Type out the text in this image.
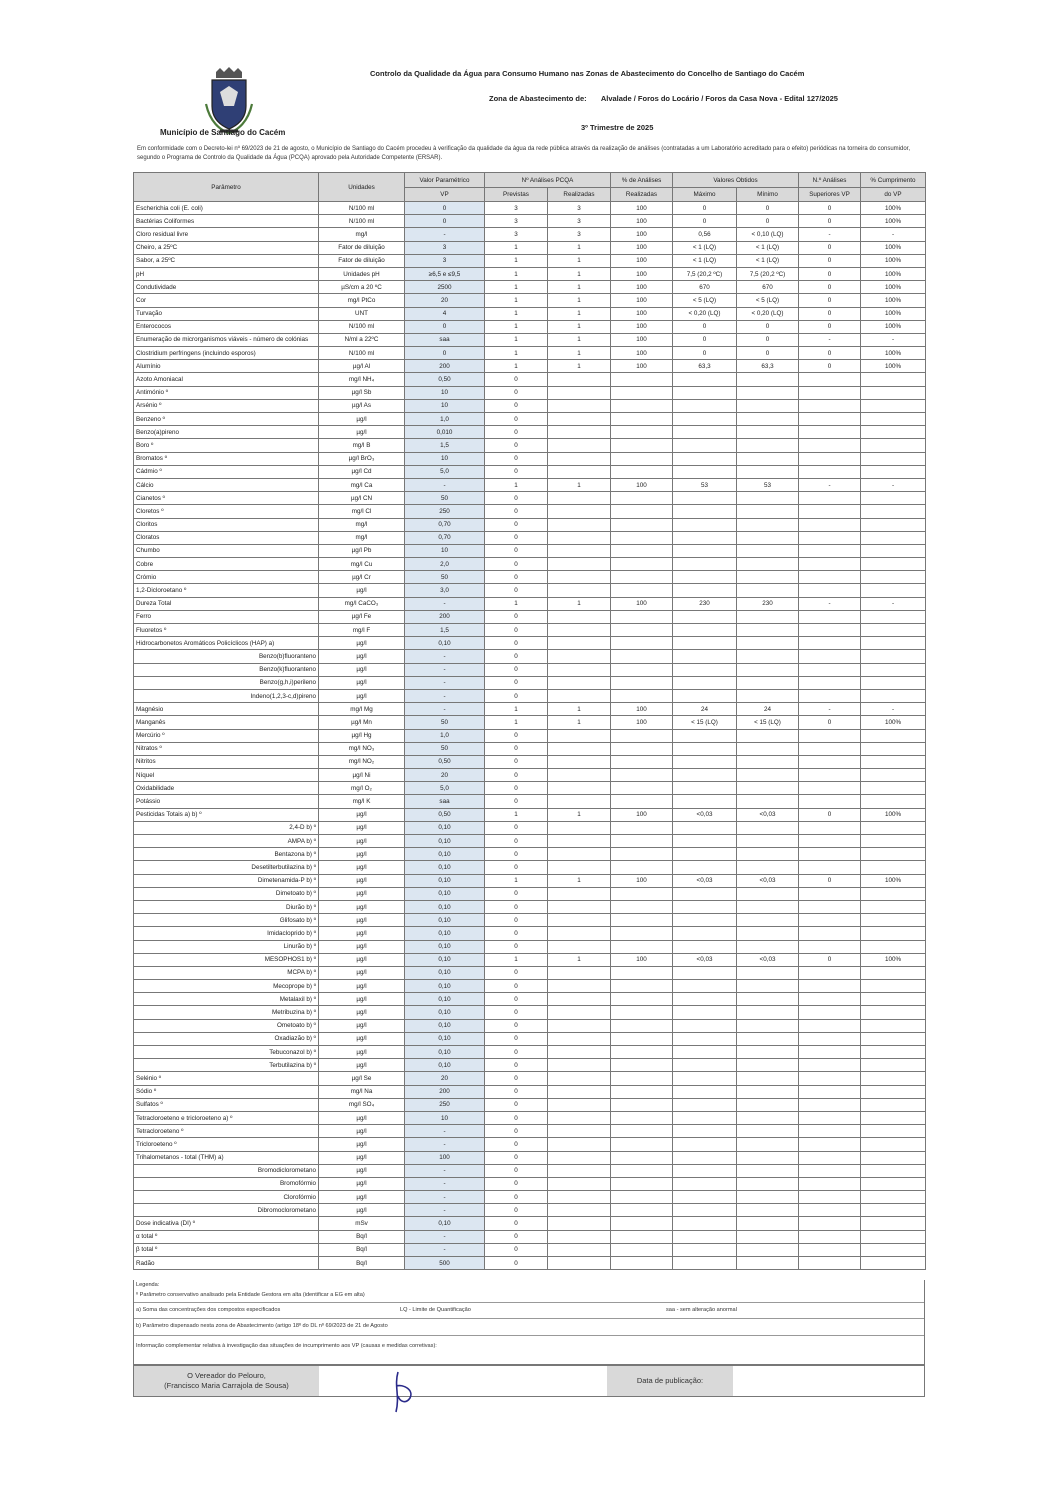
Município de Santiago do Cacém
Controlo da Qualidade da Água para Consumo Humano nas Zonas de Abastecimento do Concelho de Santiago do Cacém
Zona de Abastecimento de: Alvalade / Foros do Locário / Foros da Casa Nova - Edital 127/2025
3º Trimestre de 2025
Em conformidade com o Decreto-lei nº 69/2023 de 21 de agosto, o Município de Santiago do Cacém procedeu à verificação da qualidade da água da rede pública através da realização de análises (contratadas a um Laboratório acreditado para o efeito) periódicas na torneira do consumidor, segundo o Programa de Controlo da Qualidade da Água (PCQA) aprovado pela Autoridade Competente (ERSAR).
Parâmetro	Unidades	Valor Paramétrico	Nº Análises PCQA		% de Análises	Valores Obtidos		N.º Análises	% Cumprimento
		VP	Previstas	Realizadas	Realizadas	Máximo	Mínimo	Superiores VP	do VP
Escherichia coli (E. coli)	N/100 ml	0	3	3	100	0	0	0	100%
Bactérias Coliformes	N/100 ml	0	3	3	100	0	0	0	100%
Cloro residual livre	mg/l	-	3	3	100	0,56	< 0,10 (LQ)	-	-
Cheiro, a 25ºC	Fator de diluição	3	1	1	100	< 1 (LQ)	< 1 (LQ)	0	100%
Sabor, a 25ºC	Fator de diluição	3	1	1	100	< 1 (LQ)	< 1 (LQ)	0	100%
pH	Unidades pH	≥6,5 e ≤9,5	1	1	100	7,5 (20,2 ºC)	7,5 (20,2 ºC)	0	100%
Condutividade	µS/cm a 20 ºC	2500	1	1	100	670	670	0	100%
Cor	mg/l PtCo	20	1	1	100	< 5 (LQ)	< 5 (LQ)	0	100%
Turvação	UNT	4	1	1	100	< 0,20 (LQ)	< 0,20 (LQ)	0	100%
Enterococos	N/100 ml	0	1	1	100	0	0	0	100%
Enumeração de microrganismos viáveis - número de colónias	N/ml a 22ºC	saa	1	1	100	0	0	-	-
Clostridium perfringens (incluindo esporos)	N/100 ml	0	1	1	100	0	0	0	100%
Alumínio	µg/l Al	200	1	1	100	63,3	63,3	0	100%
Azoto Amoniacal	mg/l NH₄	0,50	0						
Antimónio º	µg/l Sb	10	0						
Arsénio º	µg/l As	10	0						
Benzeno º	µg/l	1,0	0						
Benzo(a)pireno	µg/l	0,010	0						
Boro º	mg/l B	1,5	0						
Bromatos º	µg/l BrO₃	10	0						
Cádmio º	µg/l Cd	5,0	0						
Cálcio	mg/l Ca	-	1	1	100	53	53	-	-
Cianetos º	µg/l CN	50	0						
Cloretos º	mg/l Cl	250	0						
Cloritos	mg/l	0,70	0						
Cloratos	mg/l	0,70	0						
Chumbo	µg/l Pb	10	0						
Cobre	mg/l Cu	2,0	0						
Crómio	µg/l Cr	50	0						
1,2-Dicloroetano º	µg/l	3,0	0						
Dureza Total	mg/l CaCO₃	-	1	1	100	230	230	-	-
Ferro	µg/l Fe	200	0						
Fluoretos º	mg/l F	1,5	0						
Hidrocarbonetos Aromáticos Policíclicos (HAP) a)	µg/l	0,10	0						
Benzo(b)fluoranteno	µg/l	-	0						
Benzo(k)fluoranteno	µg/l	-	0						
Benzo(g,h,i)perileno	µg/l	-	0						
Indeno(1,2,3-c,d)pireno	µg/l	-	0						
Magnésio	mg/l Mg	-	1	1	100	24	24	-	-
Manganês	µg/l Mn	50	1	1	100	< 15 (LQ)	< 15 (LQ)	0	100%
Mercúrio º	µg/l Hg	1,0	0						
Nitratos º	mg/l NO₃	50	0						
Nitritos	mg/l NO₂	0,50	0						
Níquel	µg/l Ni	20	0						
Oxidabilidade	mg/l O₂	5,0	0						
Potássio	mg/l K	saa	0						
Pesticidas Totais a) b) º	µg/l	0,50	1	1	100	<0,03	<0,03	0	100%
2,4-D b) º	µg/l	0,10	0						
AMPA b) º	µg/l	0,10	0						
Bentazona b) º	µg/l	0,10	0						
Desetilterbutilazina b) º	µg/l	0,10	0						
Dimetenamida-P b) º	µg/l	0,10	1	1	100	<0,03	<0,03	0	100%
Dimetoato b) º	µg/l	0,10	0						
Diurão b) º	µg/l	0,10	0						
Glifosato b) º	µg/l	0,10	0						
Imidacloprido b) º	µg/l	0,10	0						
Linurão b) º	µg/l	0,10	0						
MESOPHOS1 b) º	µg/l	0,10	1	1	100	<0,03	<0,03	0	100%
MCPA b) º	µg/l	0,10	0						
Mecoprope b) º	µg/l	0,10	0						
Metalaxil b) º	µg/l	0,10	0						
Metribuzina b) º	µg/l	0,10	0						
Ometoato b) º	µg/l	0,10	0						
Oxadiazão b) º	µg/l	0,10	0						
Tebuconazol b) º	µg/l	0,10	0						
Terbutilazina b) º	µg/l	0,10	0						
Selénio º	µg/l Se	20	0						
Sódio º	mg/l Na	200	0						
Sulfatos º	mg/l SO₄	250	0						
Tetracloroeteno e tricloroeteno a) º	µg/l	10	0						
Tetracloroeteno º	µg/l	-	0						
Tricloroeteno º	µg/l	-	0						
Trihalometanos - total (THM) a)	µg/l	100	0						
Bromodiclorometano	µg/l	-	0						
Bromofórmio	µg/l	-	0						
Clorofórmio	µg/l	-	0						
Dibromoclorometano	µg/l	-	0						
Dose indicativa (DI) º	mSv	0,10	0						
α total º	Bq/l	-	0						
β total º	Bq/l	-	0						
Radão	Bq/l	500	0						
Legenda:
º Parâmetro conservativo analisado pela Entidade Gestora em alta (identificar a EG em alta)
a) Soma das concentrações dos compostos especificados	LQ - Limite de Quantificação	saa - sem alteração anormal
b) Parâmetro dispensado nesta zona de Abastecimento (artigo 18º do DL nº 69/2023 de 21 de Agosto
Informação complementar relativa à investigação das situações de incumprimento aos VP (causas e medidas corretivas):
O Vereador do Pelouro,
(Francisco Maria Carrajola de Sousa)
Data de publicação:
